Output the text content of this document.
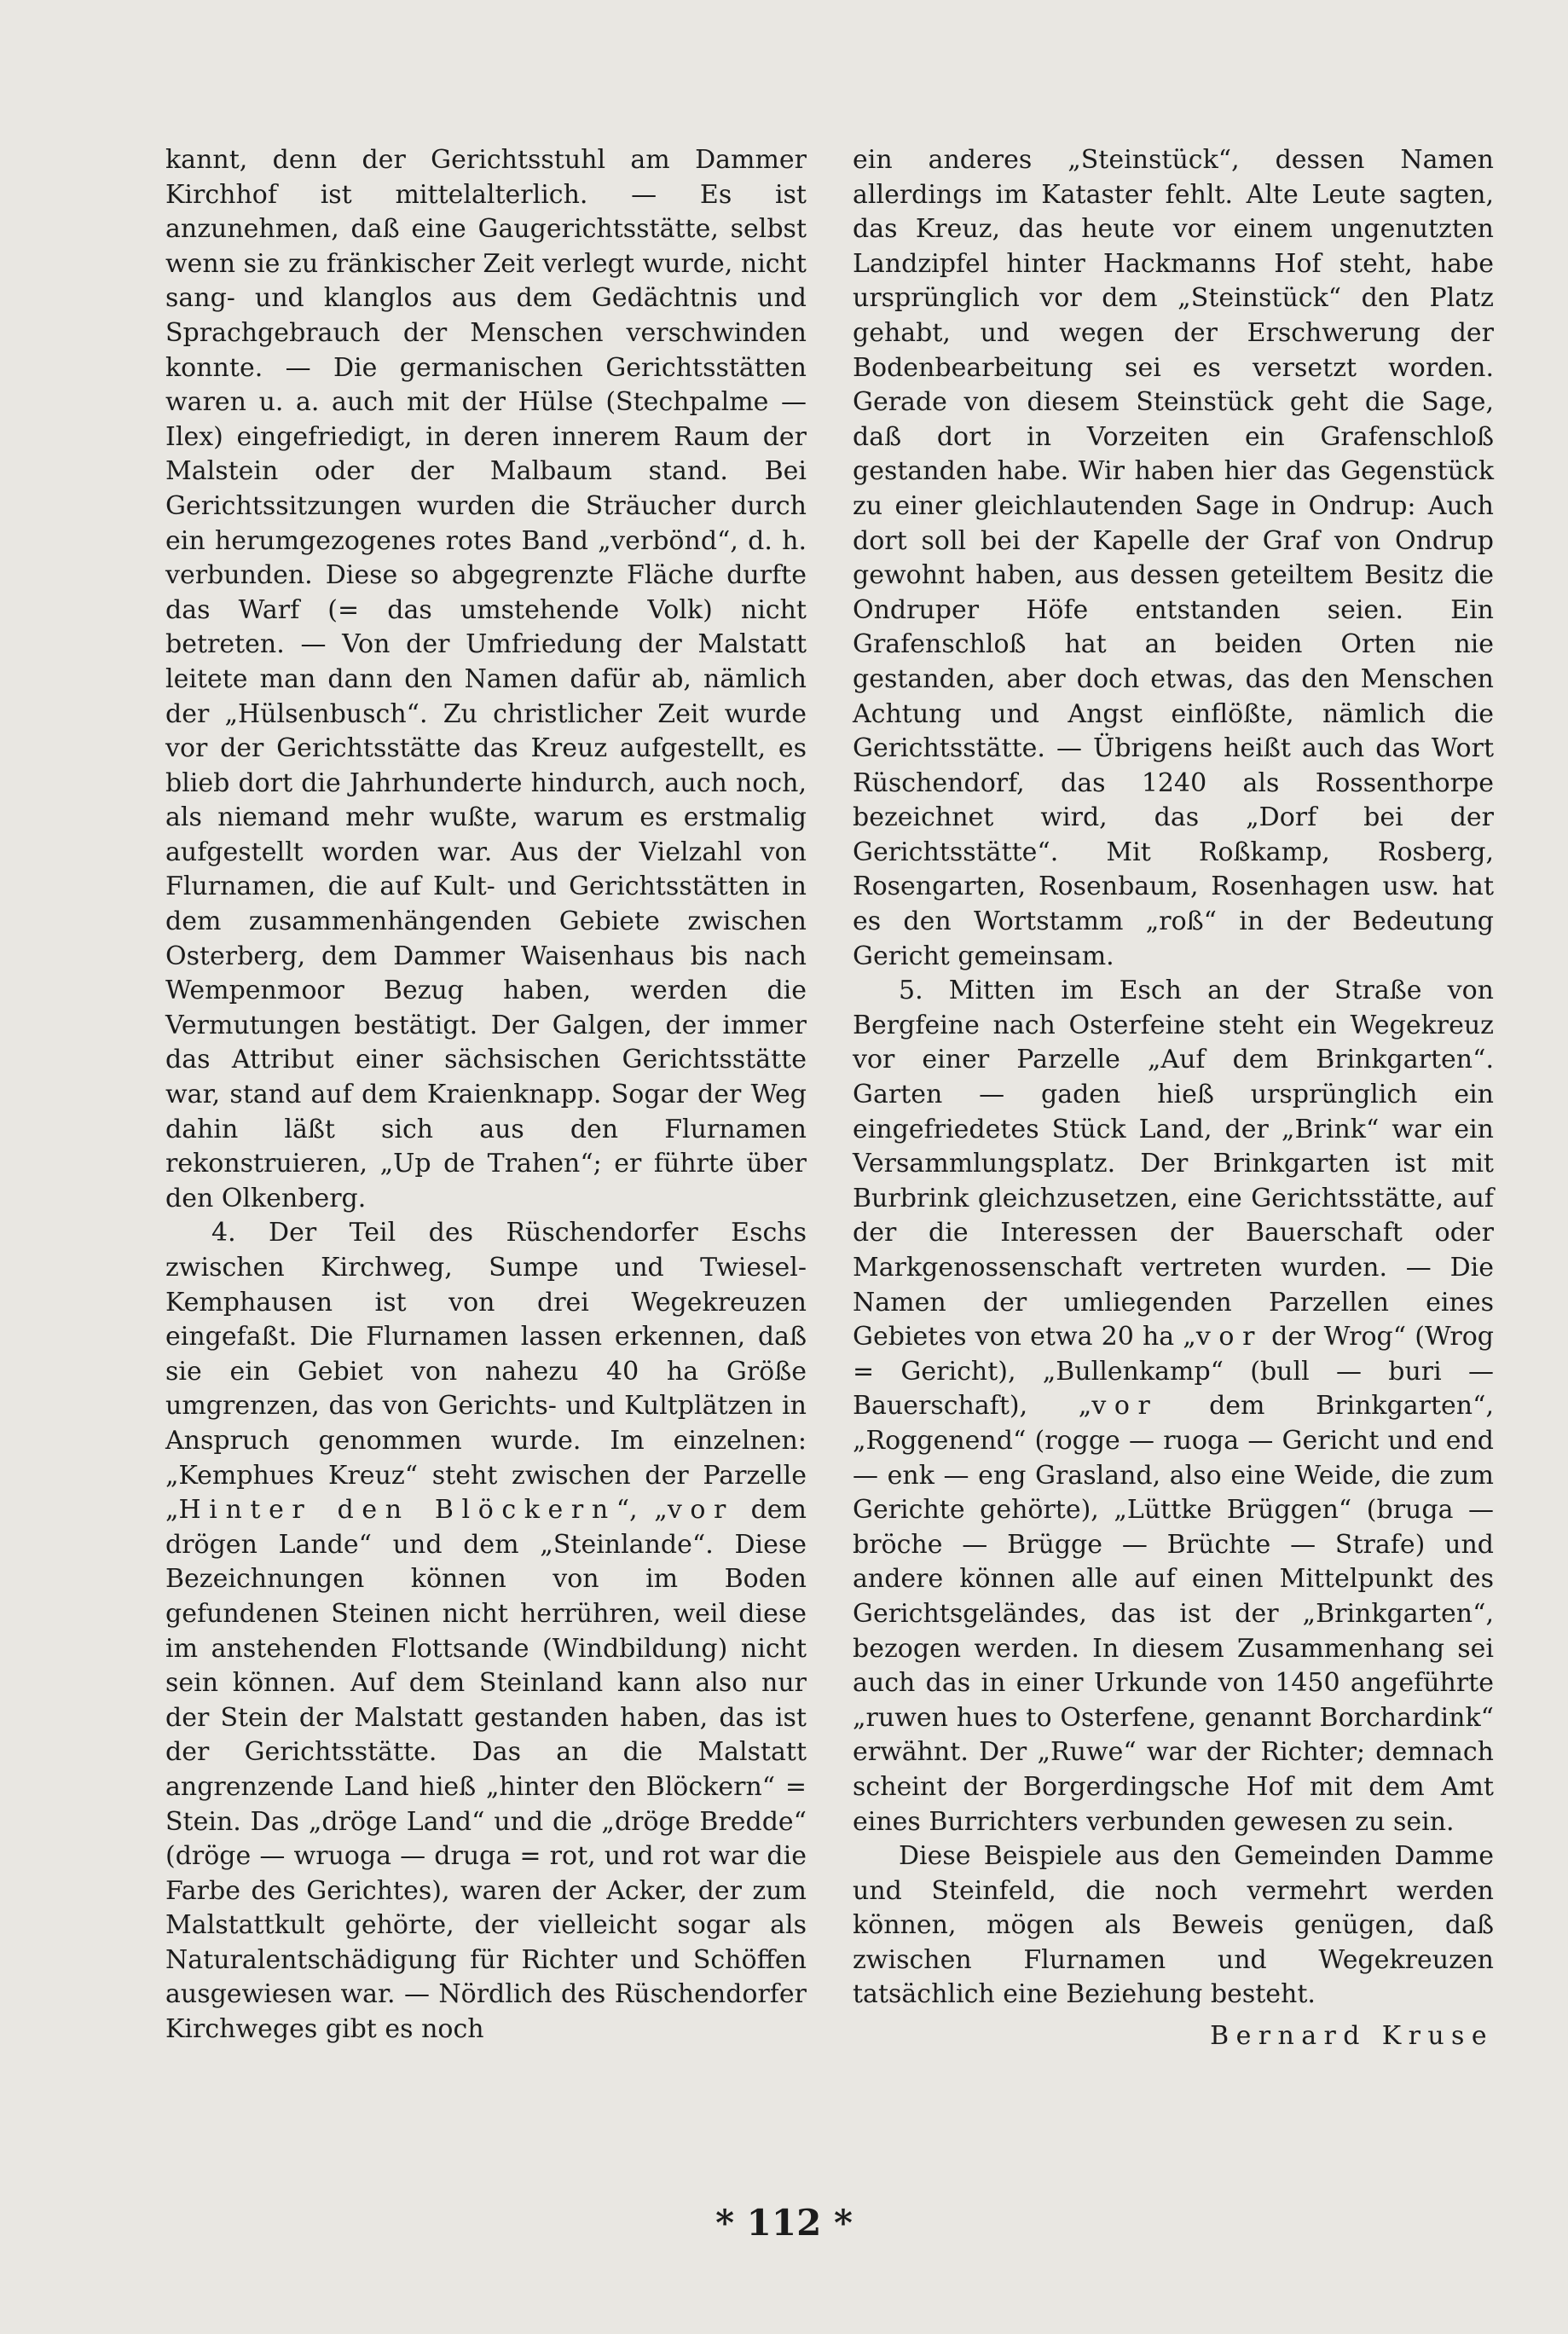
kannt, denn der Gerichtsstuhl am Dammer Kirchhof ist mittelalterlich. — Es ist anzunehmen, daß eine Gaugerichtsstätte, selbst wenn sie zu fränkischer Zeit verlegt wurde, nicht sang- und klanglos aus dem Gedächtnis und Sprachgebrauch der Menschen verschwinden konnte. — Die germanischen Gerichtsstätten waren u. a. auch mit der Hülse (Stechpalme — Ilex) eingefriedigt, in deren innerem Raum der Malstein oder der Malbaum stand. Bei Gerichtssitzungen wurden die Sträucher durch ein herumgezogenes rotes Band „verbönd“, d. h. verbunden. Diese so abgegrenzte Fläche durfte das Warf (= das umstehende Volk) nicht betreten. — Von der Umfriedung der Malstatt leitete man dann den Namen dafür ab, nämlich der „Hülsenbusch“. Zu christlicher Zeit wurde vor der Gerichtsstätte das Kreuz aufgestellt, es blieb dort die Jahrhunderte hindurch, auch noch, als niemand mehr wußte, warum es erstmalig aufgestellt worden war. Aus der Vielzahl von Flurnamen, die auf Kult- und Gerichtsstätten in dem zusammenhängenden Gebiete zwischen Osterberg, dem Dammer Waisenhaus bis nach Wempenmoor Bezug haben, werden die Vermutungen bestätigt. Der Galgen, der immer das Attribut einer sächsischen Gerichtsstätte war, stand auf dem Kraienknapp. Sogar der Weg dahin läßt sich aus den Flurnamen rekonstruieren, „Up de Trahen“; er führte über den Olkenberg.

4. Der Teil des Rüschendorfer Eschs zwischen Kirchweg, Sumpe und Twiesel-Kemphausen ist von drei Wegekreuzen eingefaßt. Die Flurnamen lassen erkennen, daß sie ein Gebiet von nahezu 40 ha Größe umgrenzen, das von Gerichts- und Kultplätzen in Anspruch genommen wurde. Im einzelnen: „Kemphues Kreuz“ steht zwischen der Parzelle „Hinter den Blöckern“, „vor dem drögen Lande“ und dem „Steinlande“. Diese Bezeichnungen können von im Boden gefundenen Steinen nicht herrühren, weil diese im anstehenden Flottsande (Windbildung) nicht sein können. Auf dem Steinland kann also nur der Stein der Malstatt gestanden haben, das ist der Gerichtsstätte. Das an die Malstatt angrenzende Land hieß „hinter den Blöckern“ = Stein. Das „dröge Land“ und die „dröge Bredde“ (dröge — wruoga — druga = rot, und rot war die Farbe des Gerichtes), waren der Acker, der zum Malstattkult gehörte, der vielleicht sogar als Naturalentschädigung für Richter und Schöffen ausgewiesen war. — Nördlich des Rüschendorfer Kirchweges gibt es noch

ein anderes „Steinstück“, dessen Namen allerdings im Kataster fehlt. Alte Leute sagten, das Kreuz, das heute vor einem ungenutzten Landzipfel hinter Hackmanns Hof steht, habe ursprünglich vor dem „Steinstück“ den Platz gehabt, und wegen der Erschwerung der Bodenbearbeitung sei es versetzt worden. Gerade von diesem Steinstück geht die Sage, daß dort in Vorzeiten ein Grafenschloß gestanden habe. Wir haben hier das Gegenstück zu einer gleichlautenden Sage in Ondrup: Auch dort soll bei der Kapelle der Graf von Ondrup gewohnt haben, aus dessen geteiltem Besitz die Ondruper Höfe entstanden seien. Ein Grafenschloß hat an beiden Orten nie gestanden, aber doch etwas, das den Menschen Achtung und Angst einflößte, nämlich die Gerichtsstätte. — Übrigens heißt auch das Wort Rüschendorf, das 1240 als Rossenthorpe bezeichnet wird, das „Dorf bei der Gerichtsstätte“. Mit Roßkamp, Rosberg, Rosengarten, Rosenbaum, Rosenhagen usw. hat es den Wortstamm „roß“ in der Bedeutung Gericht gemeinsam.

5. Mitten im Esch an der Straße von Bergfeine nach Osterfeine steht ein Wegekreuz vor einer Parzelle „Auf dem Brinkgarten“. Garten — gaden hieß ursprünglich ein eingefriedetes Stück Land, der „Brink“ war ein Versammlungsplatz. Der Brinkgarten ist mit Burbrink gleichzusetzen, eine Gerichtsstätte, auf der die Interessen der Bauerschaft oder Markgenossenschaft vertreten wurden. — Die Namen der umliegenden Parzellen eines Gebietes von etwa 20 ha „vor der Wrog“ (Wrog = Gericht), „Bullenkamp“ (bull — buri — Bauerschaft), „vor dem Brinkgarten“, „Roggenend“ (rogge — ruoga — Gericht und end — enk — eng Grasland, also eine Weide, die zum Gerichte gehörte), „Lüttke Brüggen“ (bruga — bröche — Brügge — Brüchte — Strafe) und andere können alle auf einen Mittelpunkt des Gerichtsgeländes, das ist der „Brinkgarten“, bezogen werden. In diesem Zusammenhang sei auch das in einer Urkunde von 1450 angeführte „ruwen hues to Osterfene, genannt Borchardink“ erwähnt. Der „Ruwe“ war der Richter; demnach scheint der Borgerdingsche Hof mit dem Amt eines Burrichters verbunden gewesen zu sein.

Diese Beispiele aus den Gemeinden Damme und Steinfeld, die noch vermehrt werden können, mögen als Beweis genügen, daß zwischen Flurnamen und Wegekreuzen tatsächlich eine Beziehung besteht.

Bernard Kruse

* 112 *
